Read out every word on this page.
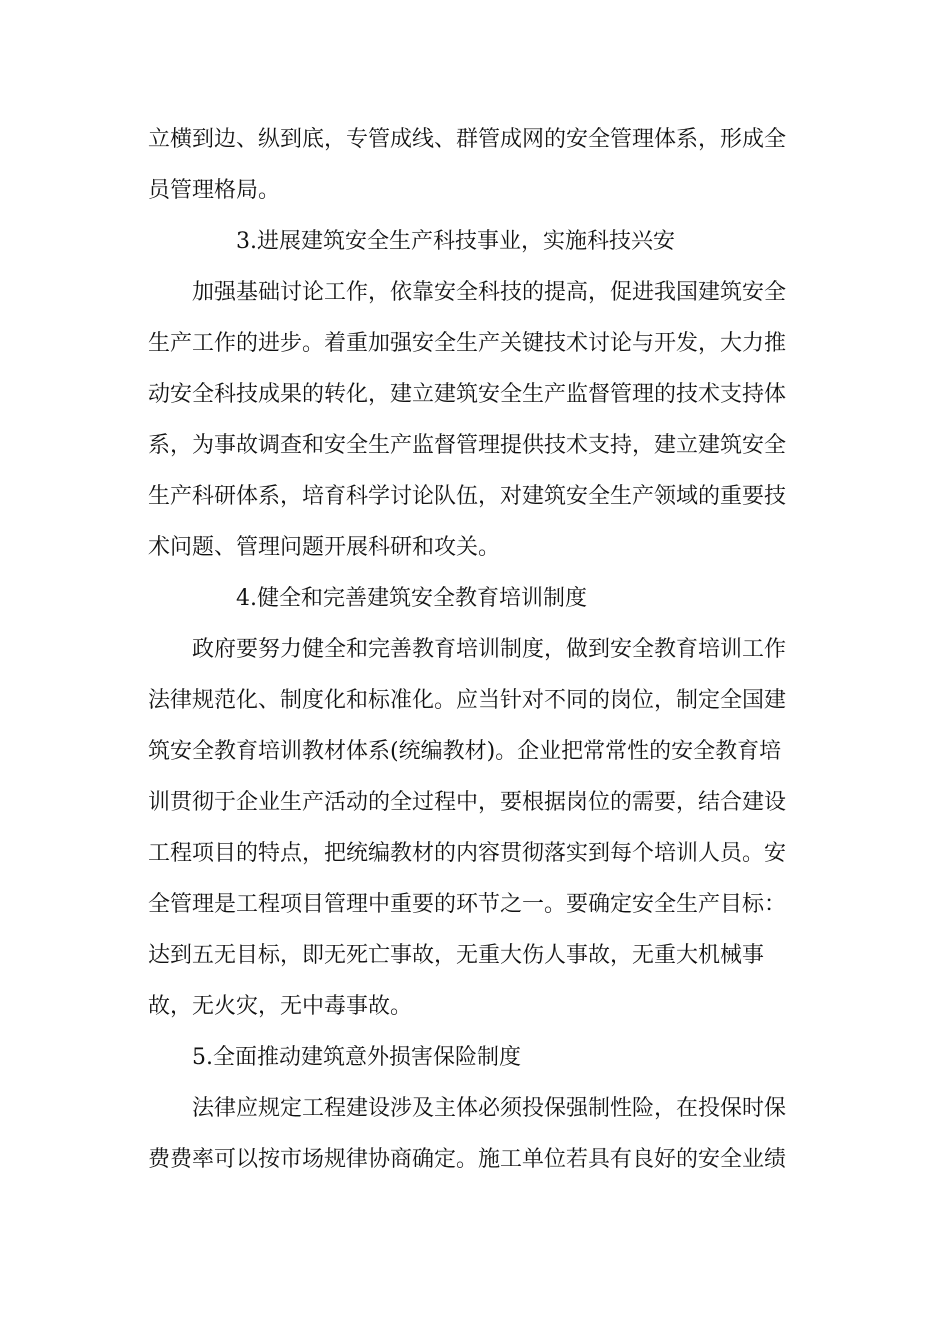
立横到边、纵到底，专管成线、群管成网的安全管理体系，形成全
员管理格局。
3.进展建筑安全生产科技事业，实施科技兴安
加强基础讨论工作，依靠安全科技的提高，促进我国建筑安全
生产工作的进步。着重加强安全生产关键技术讨论与开发，大力推
动安全科技成果的转化，建立建筑安全生产监督管理的技术支持体
系，为事故调查和安全生产监督管理提供技术支持，建立建筑安全
生产科研体系，培育科学讨论队伍，对建筑安全生产领域的重要技
术问题、管理问题开展科研和攻关。
4.健全和完善建筑安全教育培训制度
政府要努力健全和完善教育培训制度，做到安全教育培训工作
法律规范化、制度化和标准化。应当针对不同的岗位，制定全国建
筑安全教育培训教材体系(统编教材)。企业把常常性的安全教育培
训贯彻于企业生产活动的全过程中，要根据岗位的需要，结合建设
工程项目的特点，把统编教材的内容贯彻落实到每个培训人员。安
全管理是工程项目管理中重要的环节之一。要确定安全生产目标：
达到五无目标，即无死亡事故，无重大伤人事故，无重大机械事
故，无火灾，无中毒事故。
5.全面推动建筑意外损害保险制度
法律应规定工程建设涉及主体必须投保强制性险，在投保时保
费费率可以按市场规律协商确定。施工单位若具有良好的安全业绩
